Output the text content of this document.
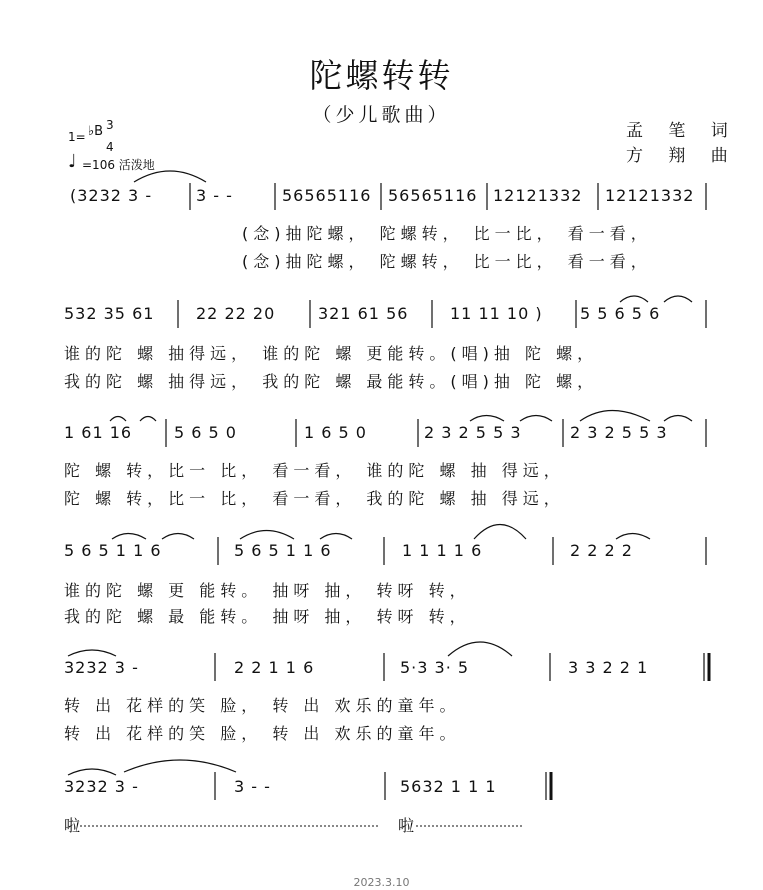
陀螺转转
（少儿歌曲）
孟 笔 词
方 翔 曲
1= ♭B 3
4
♩ =106 活泼地
(3232 3 -	3 - -	56565116 56565116 12121332 12121332
(念)抽陀螺， 陀螺转， 比一比， 看一看，
(念)抽陀螺， 陀螺转， 比一比， 看一看，
532 35 61	22 22 20	321 61 56	11 11 10 ) 5 5 6 5 6
谁的陀 螺 抽得远， 谁的陀 螺 更能转。(唱)抽 陀 螺，
我的陀 螺 抽得远， 我的陀 螺 最能转。(唱)抽 陀 螺，
1 61 16	5 6 5 0	1 6 5 0	2 3 2 5 5 3	2 3 2 5 5 3
陀 螺 转，比一 比， 看一看， 谁的陀 螺 抽 得远，
陀 螺 转，比一 比， 看一看， 我的陀 螺 抽 得远，
5 6 5 1 1 6	5 6 5 1 1 6	1 1 1 1 6	2 2 2 2
谁的陀 螺 更 能转。 抽呀 抽， 转呀 转，
我的陀 螺 最 能转。 抽呀 抽， 转呀 转，
3232 3 -	2 2 1 1 6	5·3 3· 5	3 3 2 2 1
转 出 花样的笑 脸， 转 出 欢乐的童年。
转 出 花样的笑 脸， 转 出 欢乐的童年。
3232 3 -	3 - -	5632 1 1 1
啦	啦
2023.3.10
